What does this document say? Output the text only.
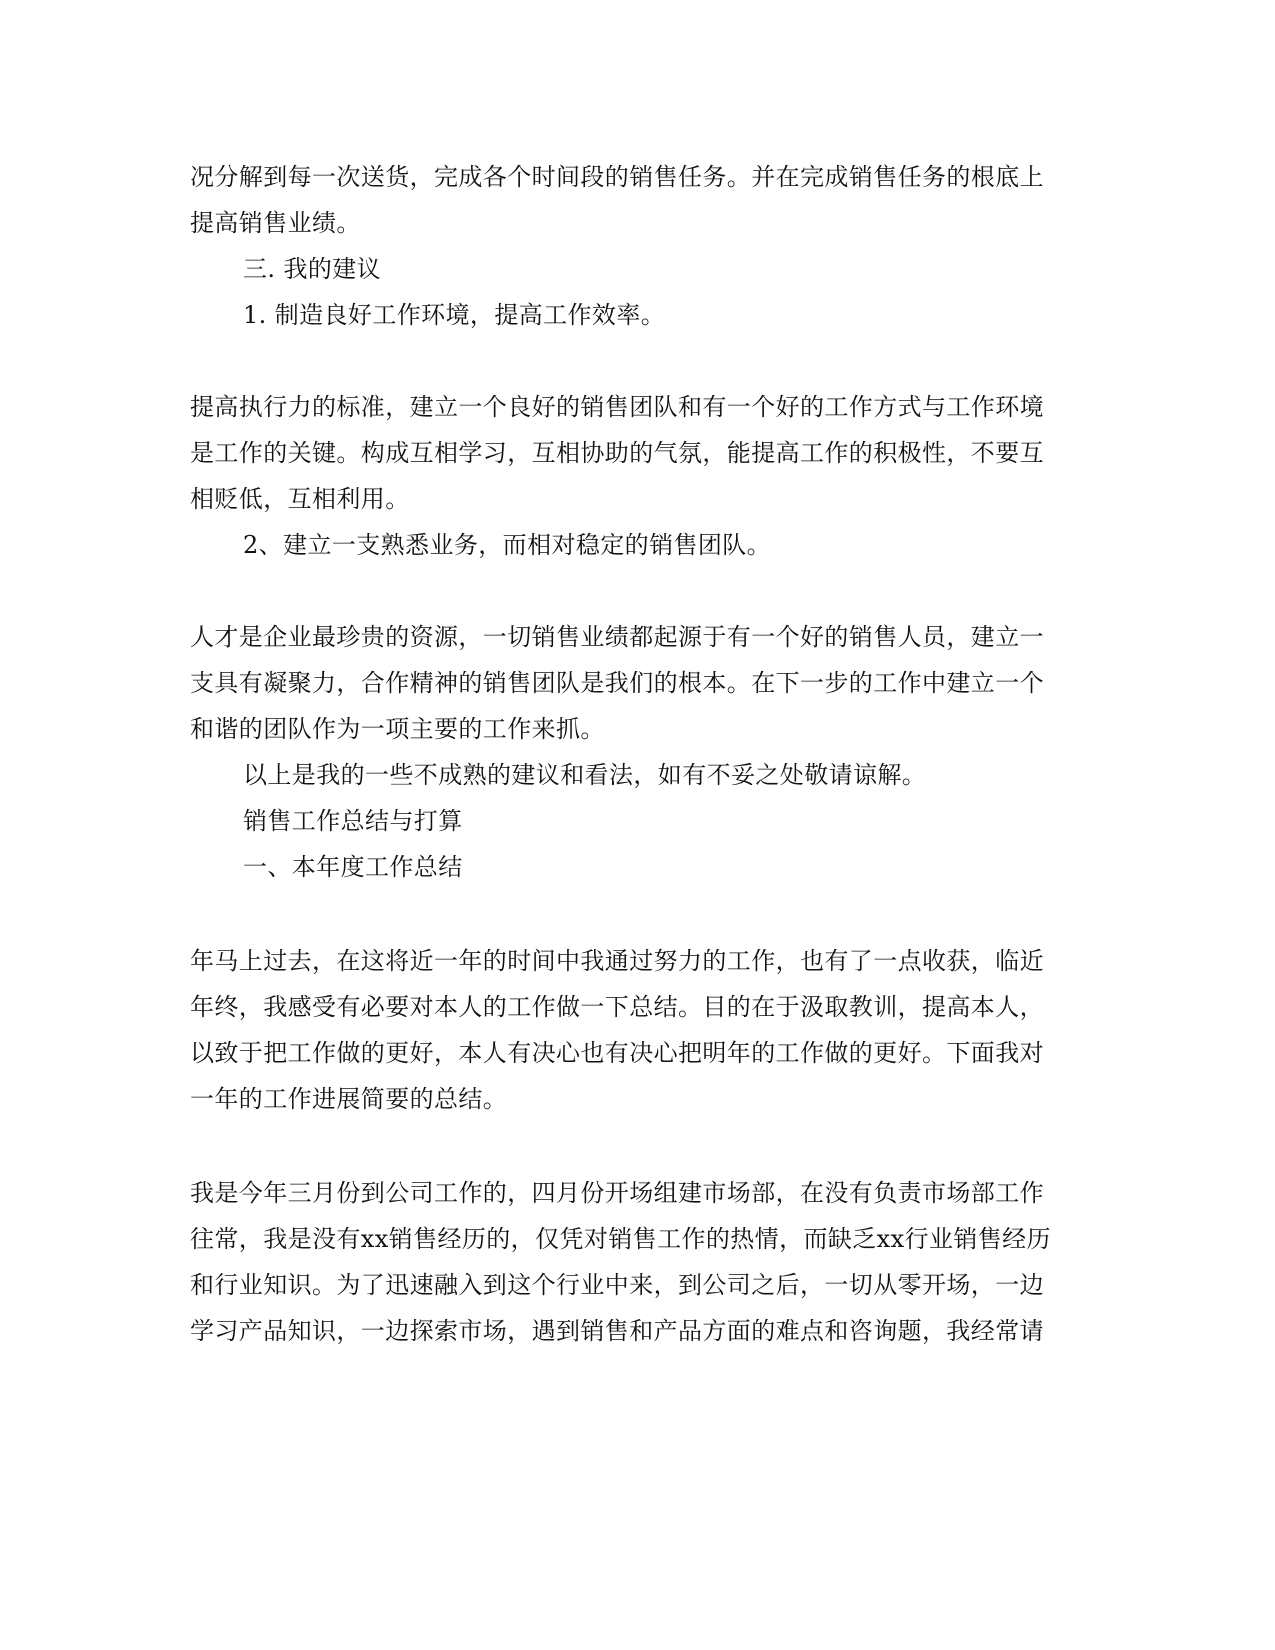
况分解到每一次送货，完成各个时间段的销售任务。并在完成销售任务的根底上
提高销售业绩。
三. 我的建议
1. 制造良好工作环境，提高工作效率。
提高执行力的标准，建立一个良好的销售团队和有一个好的工作方式与工作环境
是工作的关键。构成互相学习，互相协助的气氛，能提高工作的积极性，不要互
相贬低，互相利用。
2、建立一支熟悉业务，而相对稳定的销售团队。
人才是企业最珍贵的资源，一切销售业绩都起源于有一个好的销售人员，建立一
支具有凝聚力，合作精神的销售团队是我们的根本。在下一步的工作中建立一个
和谐的团队作为一项主要的工作来抓。
以上是我的一些不成熟的建议和看法，如有不妥之处敬请谅解。
销售工作总结与打算
一、本年度工作总结
年马上过去，在这将近一年的时间中我通过努力的工作，也有了一点收获，临近
年终，我感受有必要对本人的工作做一下总结。目的在于汲取教训，提高本人，
以致于把工作做的更好，本人有决心也有决心把明年的工作做的更好。下面我对
一年的工作进展简要的总结。
我是今年三月份到公司工作的，四月份开场组建市场部，在没有负责市场部工作
往常，我是没有xx销售经历的，仅凭对销售工作的热情，而缺乏xx行业销售经历
和行业知识。为了迅速融入到这个行业中来，到公司之后，一切从零开场，一边
学习产品知识，一边探索市场，遇到销售和产品方面的难点和咨询题，我经常请
